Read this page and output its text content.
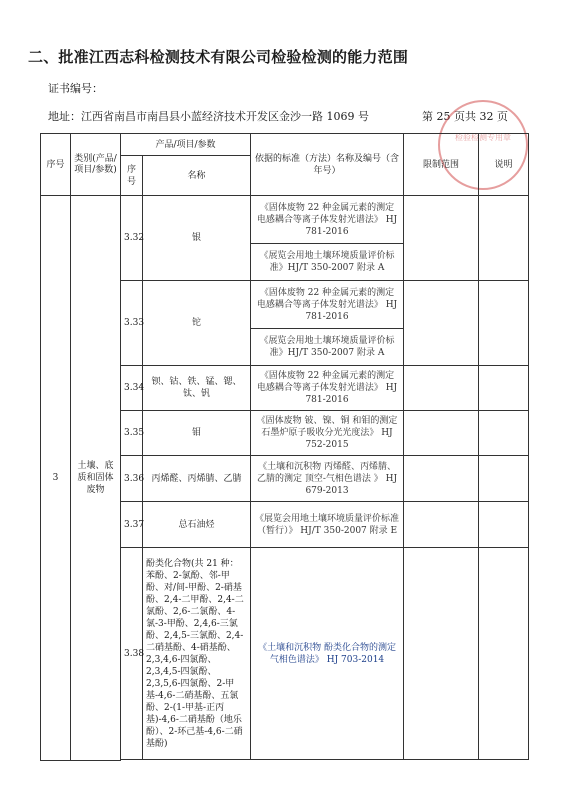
二、批准江西志科检测技术有限公司检验检测的能力范围
证书编号：
地址：江西省南昌市南昌县小蓝经济技术开发区金沙一路 1069 号	第 25 页共 32 页
检验检测专用章
序号	类别(产品/项目/参数)	产品/项目/参数		依据的标准（方法）名称及编号（含年号）	限制范围	说明
		序号	名称			
3	土壤、底质和固体废物	3.32	银	《固体废物 22 种金属元素的测定 电感耦合等离子体发射光谱法》 HJ 781-2016		
				《展览会用地土壤环境质量评价标准》HJ/T 350-2007 附录 A		
		3.33	铊	《固体废物 22 种金属元素的测定 电感耦合等离子体发射光谱法》 HJ 781-2016		
				《展览会用地土壤环境质量评价标准》HJ/T 350-2007 附录 A		
		3.34	钡、钴、铁、锰、锶、钛、钒	《固体废物 22 种金属元素的测定 电感耦合等离子体发射光谱法》 HJ 781-2016		
		3.35	钼	《固体废物 铍、镍、铜 和钼的测定 石墨炉原子吸收分光光度法》 HJ 752-2015		
		3.36	丙烯醛、丙烯腈、乙腈	《土壤和沉积物 丙烯醛、丙烯腈、乙腈的测定 顶空-气相色谱法 》 HJ 679-2013		
		3.37	总石油烃	《展览会用地土壤环境质量评价标准（暂行）》 HJ/T 350-2007 附录 E		
		3.38	酚类化合物(共 21 种：苯酚、2-氯酚、邻-甲酚、对/间-甲酚、2-硝基酚、2,4-二甲酚、2,4-二氯酚、2,6-二氯酚、4-氯-3-甲酚、2,4,6-三氯酚、2,4,5-三氯酚、2,4-二硝基酚、4-硝基酚、2,3,4,6-四氯酚、2,3,4,5-四氯酚、2,3,5,6-四氯酚、2-甲基-4,6-二硝基酚、五氯酚、2-(1-甲基-正丙基)-4,6-二硝基酚（地乐酚）、2-环己基-4,6-二硝基酚)	《土壤和沉积物 酚类化合物的测定 气相色谱法》 HJ 703-2014		
